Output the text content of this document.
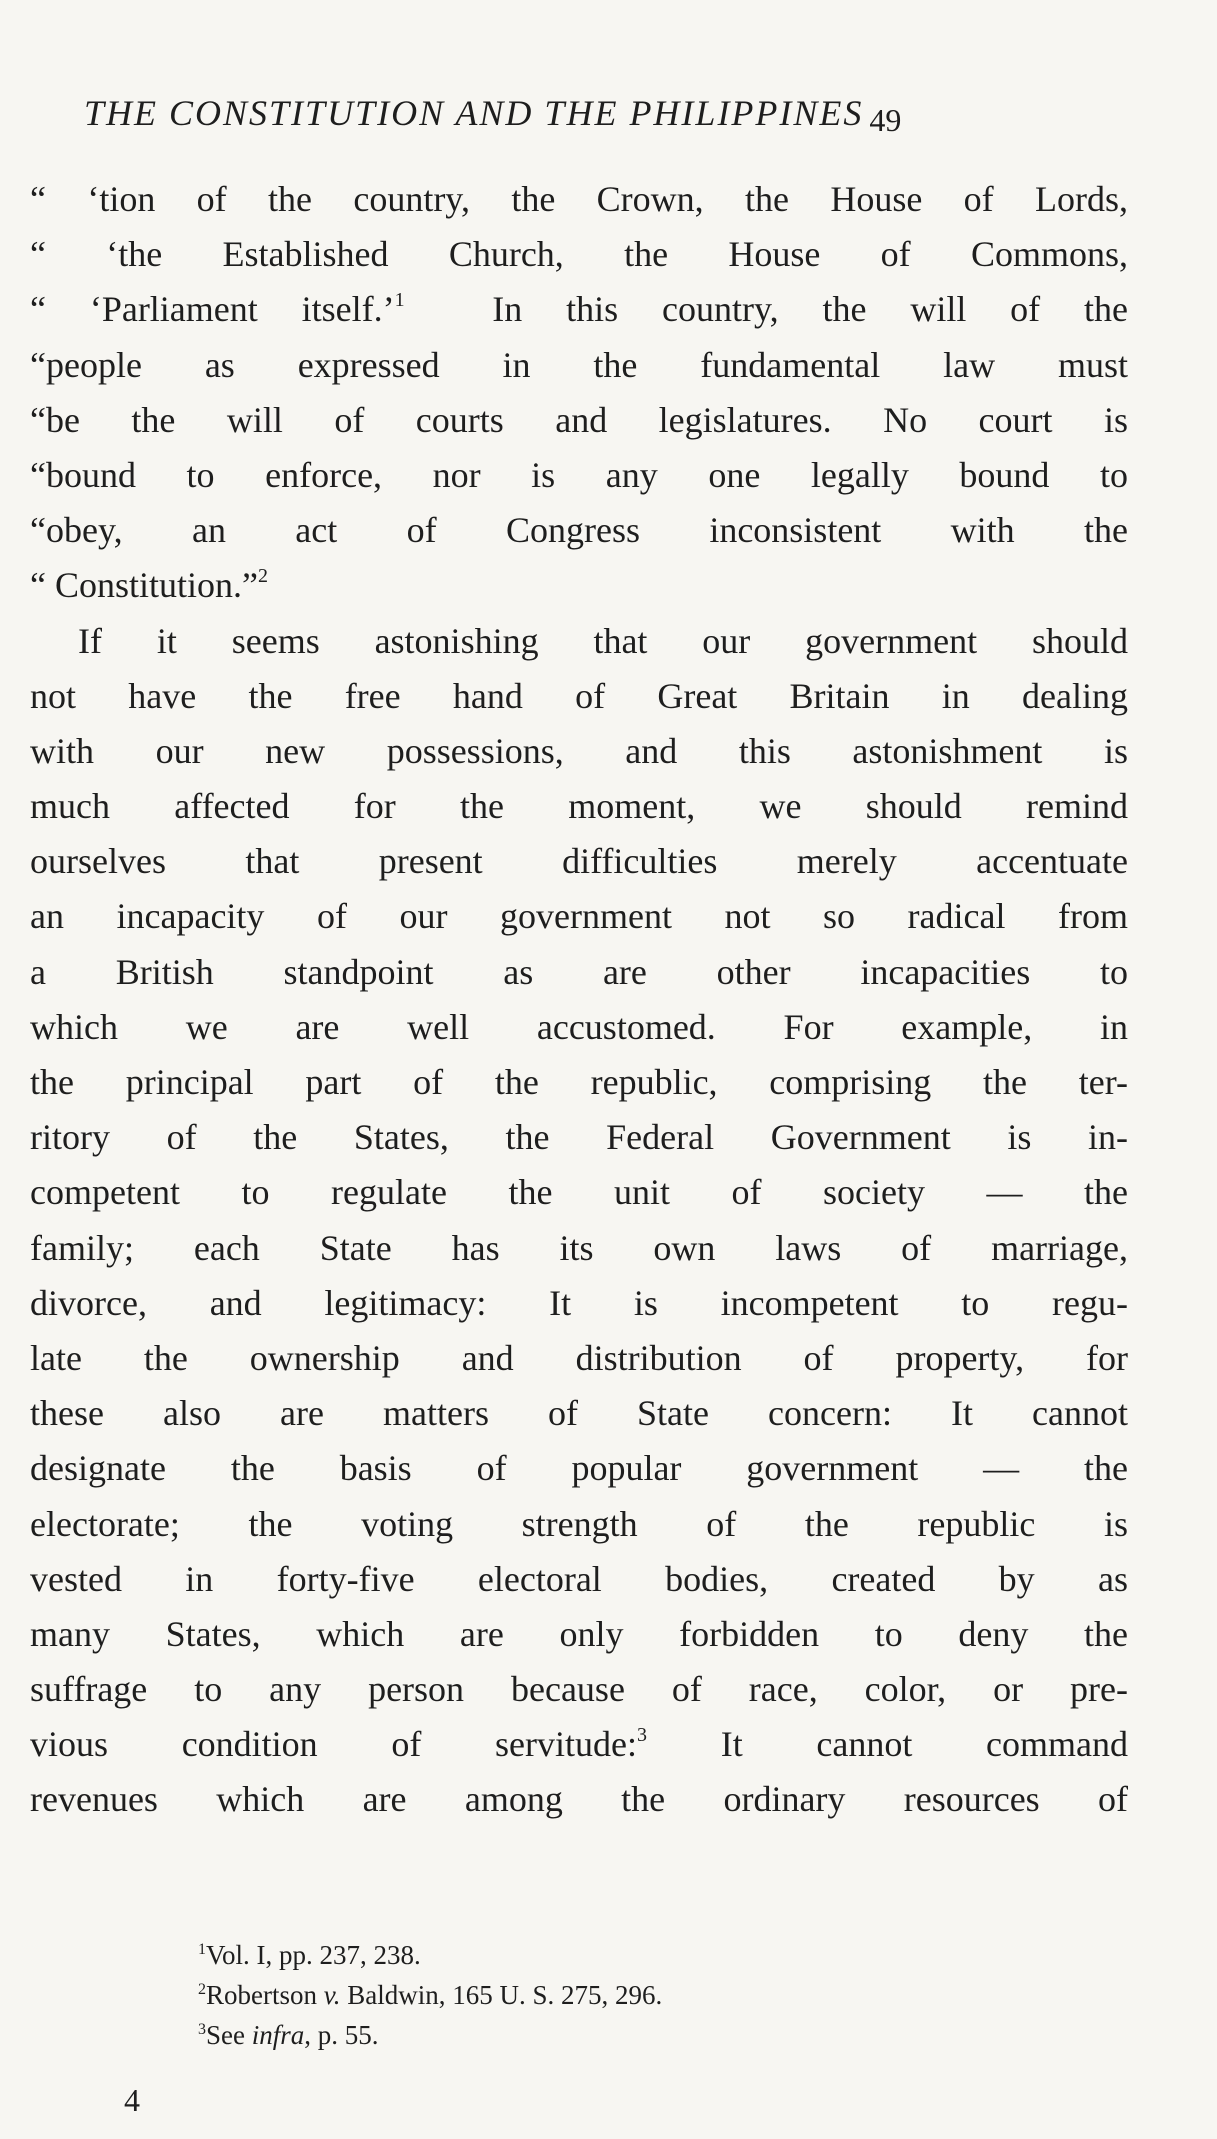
THE CONSTITUTION AND THE PHILIPPINES 49
“ ‘tion of the country, the Crown, the House of Lords,
“ ‘the Established Church, the House of Commons,
“ ‘Parliament itself.’$^1$  In this country, the will of the
“people as expressed in the fundamental law must
“be the will of courts and legislatures. No court is
“bound to enforce, nor is any one legally bound to
“obey, an act of Congress inconsistent with the
“ Constitution.”$^2$
If it seems astonishing that our government should
not have the free hand of Great Britain in dealing
with our new possessions, and this astonishment is
much affected for the moment, we should remind
ourselves that present difficulties merely accentuate
an incapacity of our government not so radical from
a British standpoint as are other incapacities to
which we are well accustomed. For example, in
the principal part of the republic, comprising the ter-
ritory of the States, the Federal Government is in-
competent to regulate the unit of society — the
family; each State has its own laws of marriage,
divorce, and legitimacy: It is incompetent to regu-
late the ownership and distribution of property, for
these also are matters of State concern: It cannot
designate the basis of popular government — the
electorate; the voting strength of the republic is
vested in forty-five electoral bodies, created by as
many States, which are only forbidden to deny the
suffrage to any person because of race, color, or pre-
vious condition of servitude:$^3$ It cannot command
revenues which are among the ordinary resources of
$^1$Vol. I, pp. 237, 238.
$^2$Robertson v. Baldwin, 165 U. S. 275, 296.
$^3$See infra, p. 55.
4
